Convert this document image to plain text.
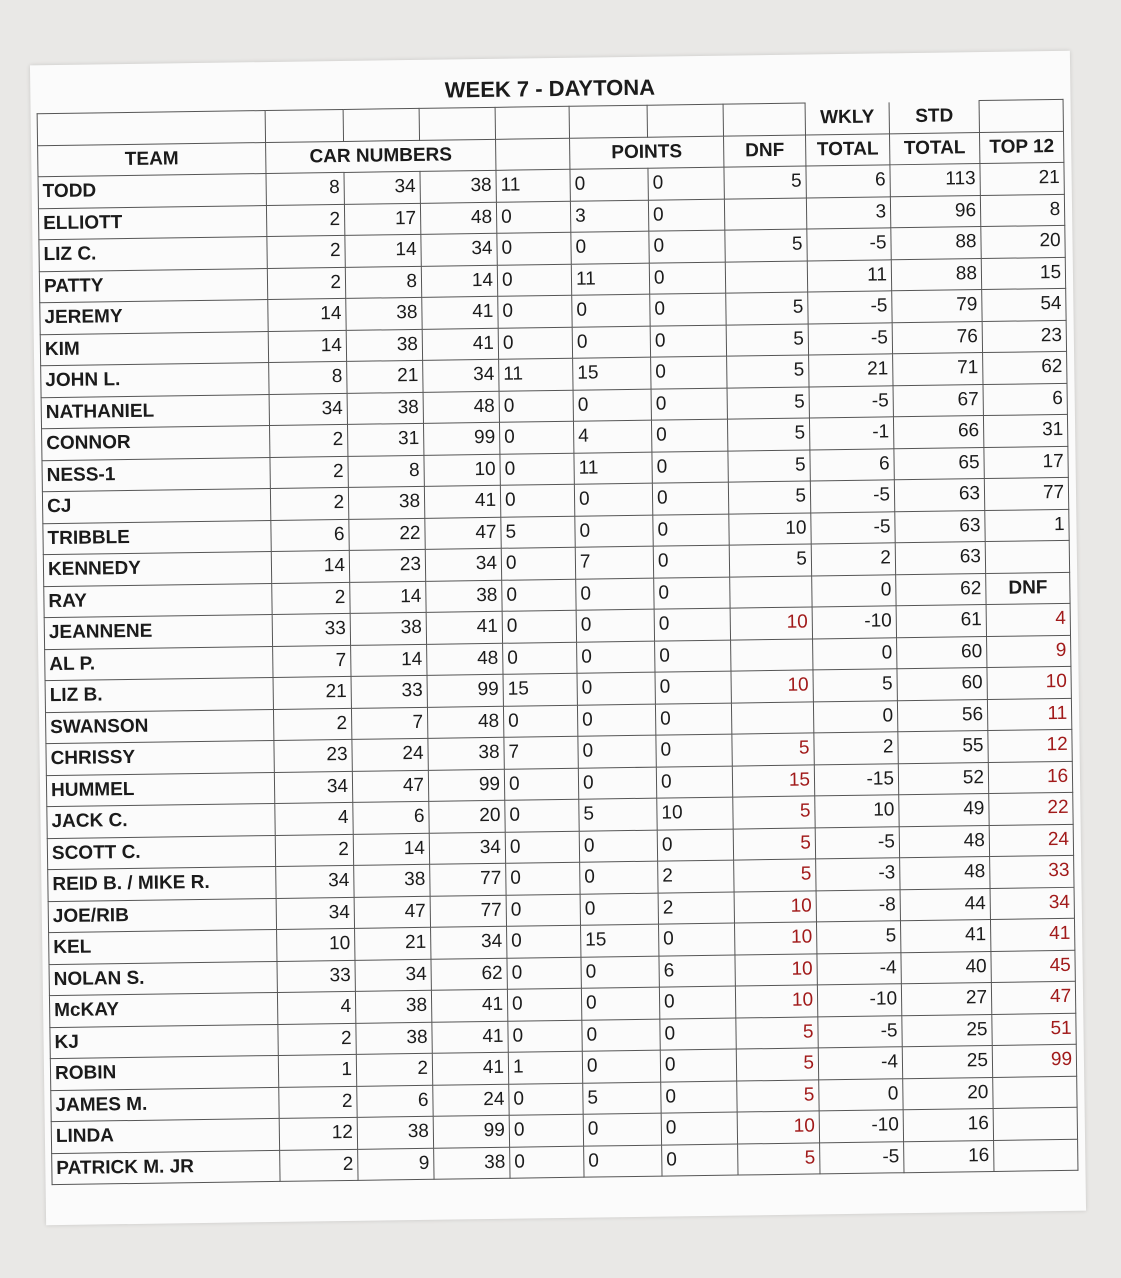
WEEK 7 - DAYTONA										
								WKLY	STD	
TEAM	CAR NUMBERS				POINTS		DNF	TOTAL	TOTAL	TOP 12
TODD	8	34	38	11	0	0	5	6	113	21
ELLIOTT	2	17	48	0	3	0		3	96	8
LIZ C.	2	14	34	0	0	0	5	-5	88	20
PATTY	2	8	14	0	11	0		11	88	15
JEREMY	14	38	41	0	0	0	5	-5	79	54
KIM	14	38	41	0	0	0	5	-5	76	23
JOHN L.	8	21	34	11	15	0	5	21	71	62
NATHANIEL	34	38	48	0	0	0	5	-5	67	6
CONNOR	2	31	99	0	4	0	5	-1	66	31
NESS-1	2	8	10	0	11	0	5	6	65	17
CJ	2	38	41	0	0	0	5	-5	63	77
TRIBBLE	6	22	47	5	0	0	10	-5	63	1
KENNEDY	14	23	34	0	7	0	5	2	63	
RAY	2	14	38	0	0	0		0	62	DNF
JEANNENE	33	38	41	0	0	0	10	-10	61	4
AL P.	7	14	48	0	0	0		0	60	9
LIZ B.	21	33	99	15	0	0	10	5	60	10
SWANSON	2	7	48	0	0	0		0	56	11
CHRISSY	23	24	38	7	0	0	5	2	55	12
HUMMEL	34	47	99	0	0	0	15	-15	52	16
JACK C.	4	6	20	0	5	10	5	10	49	22
SCOTT C.	2	14	34	0	0	0	5	-5	48	24
REID B. / MIKE R.	34	38	77	0	0	2	5	-3	48	33
JOE/RIB	34	47	77	0	0	2	10	-8	44	34
KEL	10	21	34	0	15	0	10	5	41	41
NOLAN S.	33	34	62	0	0	6	10	-4	40	45
McKAY	4	38	41	0	0	0	10	-10	27	47
KJ	2	38	41	0	0	0	5	-5	25	51
ROBIN	1	2	41	1	0	0	5	-4	25	99
JAMES M.	2	6	24	0	5	0	5	0	20	
LINDA	12	38	99	0	0	0	10	-10	16	
PATRICK M. JR	2	9	38	0	0	0	5	-5	16	
